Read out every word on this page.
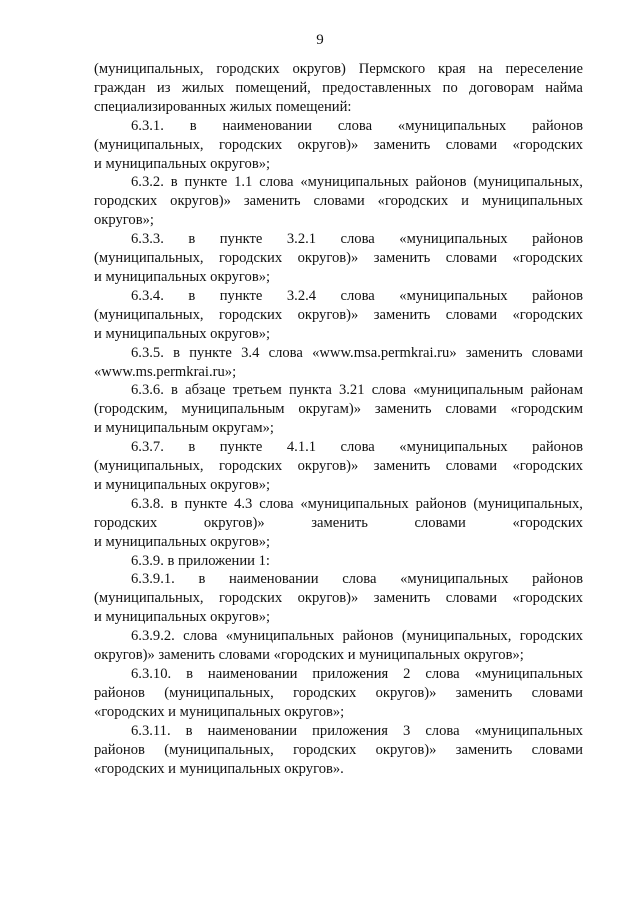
9
(муниципальных, городских округов) Пермского края на переселение
граждан из жилых помещений, предоставленных по договорам найма
специализированных жилых помещений:
6.3.1. в наименовании слова «муниципальных районов
(муниципальных, городских округов)» заменить словами «городских
и муниципальных округов»;
6.3.2. в пункте 1.1 слова «муниципальных районов (муниципальных,
городских округов)» заменить словами «городских и муниципальных
округов»;
6.3.3. в пункте 3.2.1 слова «муниципальных районов
(муниципальных, городских округов)» заменить словами «городских
и муниципальных округов»;
6.3.4. в пункте 3.2.4 слова «муниципальных районов
(муниципальных, городских округов)» заменить словами «городских
и муниципальных округов»;
6.3.5. в пункте 3.4 слова «www.msa.permkrai.ru» заменить словами
«www.ms.permkrai.ru»;
6.3.6. в абзаце третьем пункта 3.21 слова «муниципальным районам
(городским, муниципальным округам)» заменить словами «городским
и муниципальным округам»;
6.3.7. в пункте 4.1.1 слова «муниципальных районов
(муниципальных, городских округов)» заменить словами «городских
и муниципальных округов»;
6.3.8. в пункте 4.3 слова «муниципальных районов (муниципальных,
городских	округов)»	заменить	словами	«городских
и муниципальных округов»;
6.3.9. в приложении 1:
6.3.9.1. в наименовании слова «муниципальных районов
(муниципальных, городских округов)» заменить словами «городских
и муниципальных округов»;
6.3.9.2. слова «муниципальных районов (муниципальных, городских
округов)» заменить словами «городских и муниципальных округов»;
6.3.10. в наименовании приложения 2 слова «муниципальных
районов (муниципальных, городских округов)» заменить словами
«городских и муниципальных округов»;
6.3.11. в наименовании приложения 3 слова «муниципальных
районов (муниципальных, городских округов)» заменить словами
«городских и муниципальных округов».
